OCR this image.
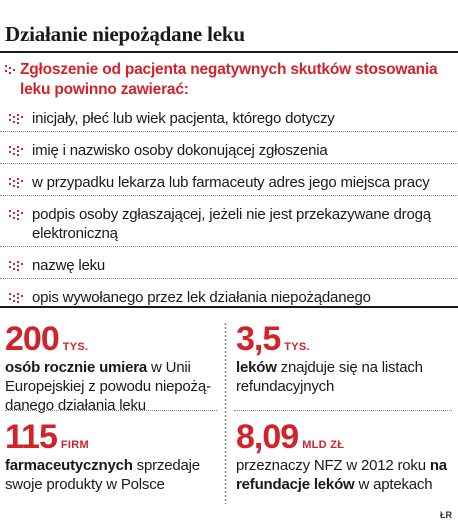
Działanie niepożądane leku
Zgłoszenie od pacjenta negatywnych skutków stosowania leku powinno zawierać:
inicjały, płeć lub wiek pacjenta, którego dotyczy
imię i nazwisko osoby dokonującej zgłoszenia
w przypadku lekarza lub farmaceuty adres jego miejsca pracy
podpis osoby zgłaszającej, jeżeli nie jest przekazywane drogą elektroniczną
nazwę leku
opis wywołanego przez lek działania niepożądanego
200 TYS.
osób rocznie umiera w Unii Europejskiej z powodu niepożądanego działania leku
3,5 TYS.
leków znajduje się na listach refundacyjnych
115 FIRM
farmaceutycznych sprzedaje swoje produkty w Polsce
8,09 MLD ZŁ
przeznaczy NFZ w 2012 roku na refundacje leków w aptekach
ŁR
